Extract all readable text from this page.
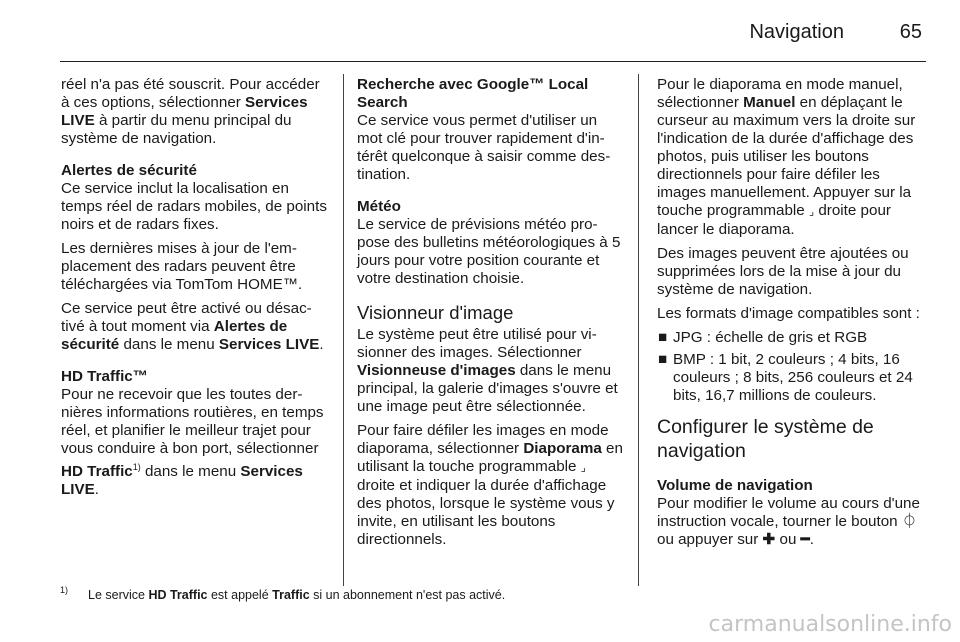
Navigation	65

réel n'a pas été souscrit. Pour accéder à ces options, sélectionner Services LIVE à partir du menu principal du système de navigation.

Alertes de sécurité

Ce service inclut la localisation en temps réel de radars mobiles, de points noirs et de radars fixes.

Les dernières mises à jour de l'emplacement des radars peuvent être téléchargées via TomTom HOME™.

Ce service peut être activé ou désactivé à tout moment via Alertes de sécurité dans le menu Services LIVE.

HD Traffic™

Pour ne recevoir que les toutes dernières informations routières, en temps réel, et planifier le meilleur trajet pour vous conduire à bon port, sélectionner HD Traffic$^{1)}$ dans le menu Services LIVE.

Recherche avec Google™ Local Search

Ce service vous permet d'utiliser un mot clé pour trouver rapidement d'intérêt quelconque à saisir comme destination.

Météo

Le service de prévisions météo propose des bulletins météorologiques à 5 jours pour votre position courante et votre destination choisie.

Visionneur d'image

Le système peut être utilisé pour visionner des images. Sélectionner Visionneuse d'images dans le menu principal, la galerie d'images s'ouvre et une image peut être sélectionnée.

Pour faire défiler les images en mode diaporama, sélectionner Diaporama en utilisant la touche programmable ⌟ droite et indiquer la durée d'affichage des photos, lorsque le système vous y invite, en utilisant les boutons directionnels.

Pour le diaporama en mode manuel, sélectionner Manuel en déplaçant le curseur au maximum vers la droite sur l'indication de la durée d'affichage des photos, puis utiliser les boutons directionnels pour faire défiler les images manuellement. Appuyer sur la touche programmable ⌟ droite pour lancer le diaporama.

Des images peuvent être ajoutées ou supprimées lors de la mise à jour du système de navigation.

Les formats d'image compatibles sont :

■ JPG : échelle de gris et RGB
■ BMP : 1 bit, 2 couleurs ; 4 bits, 16 couleurs ; 8 bits, 256 couleurs et 24 bits, 16,7 millions de couleurs.

Configurer le système de navigation

Volume de navigation

Pour modifier le volume au cours d'une instruction vocale, tourner le bouton ⏀ ou appuyer sur ✚ ou ━.

1) Le service HD Traffic est appelé Traffic si un abonnement n'est pas activé.
carmanualsonline.info
